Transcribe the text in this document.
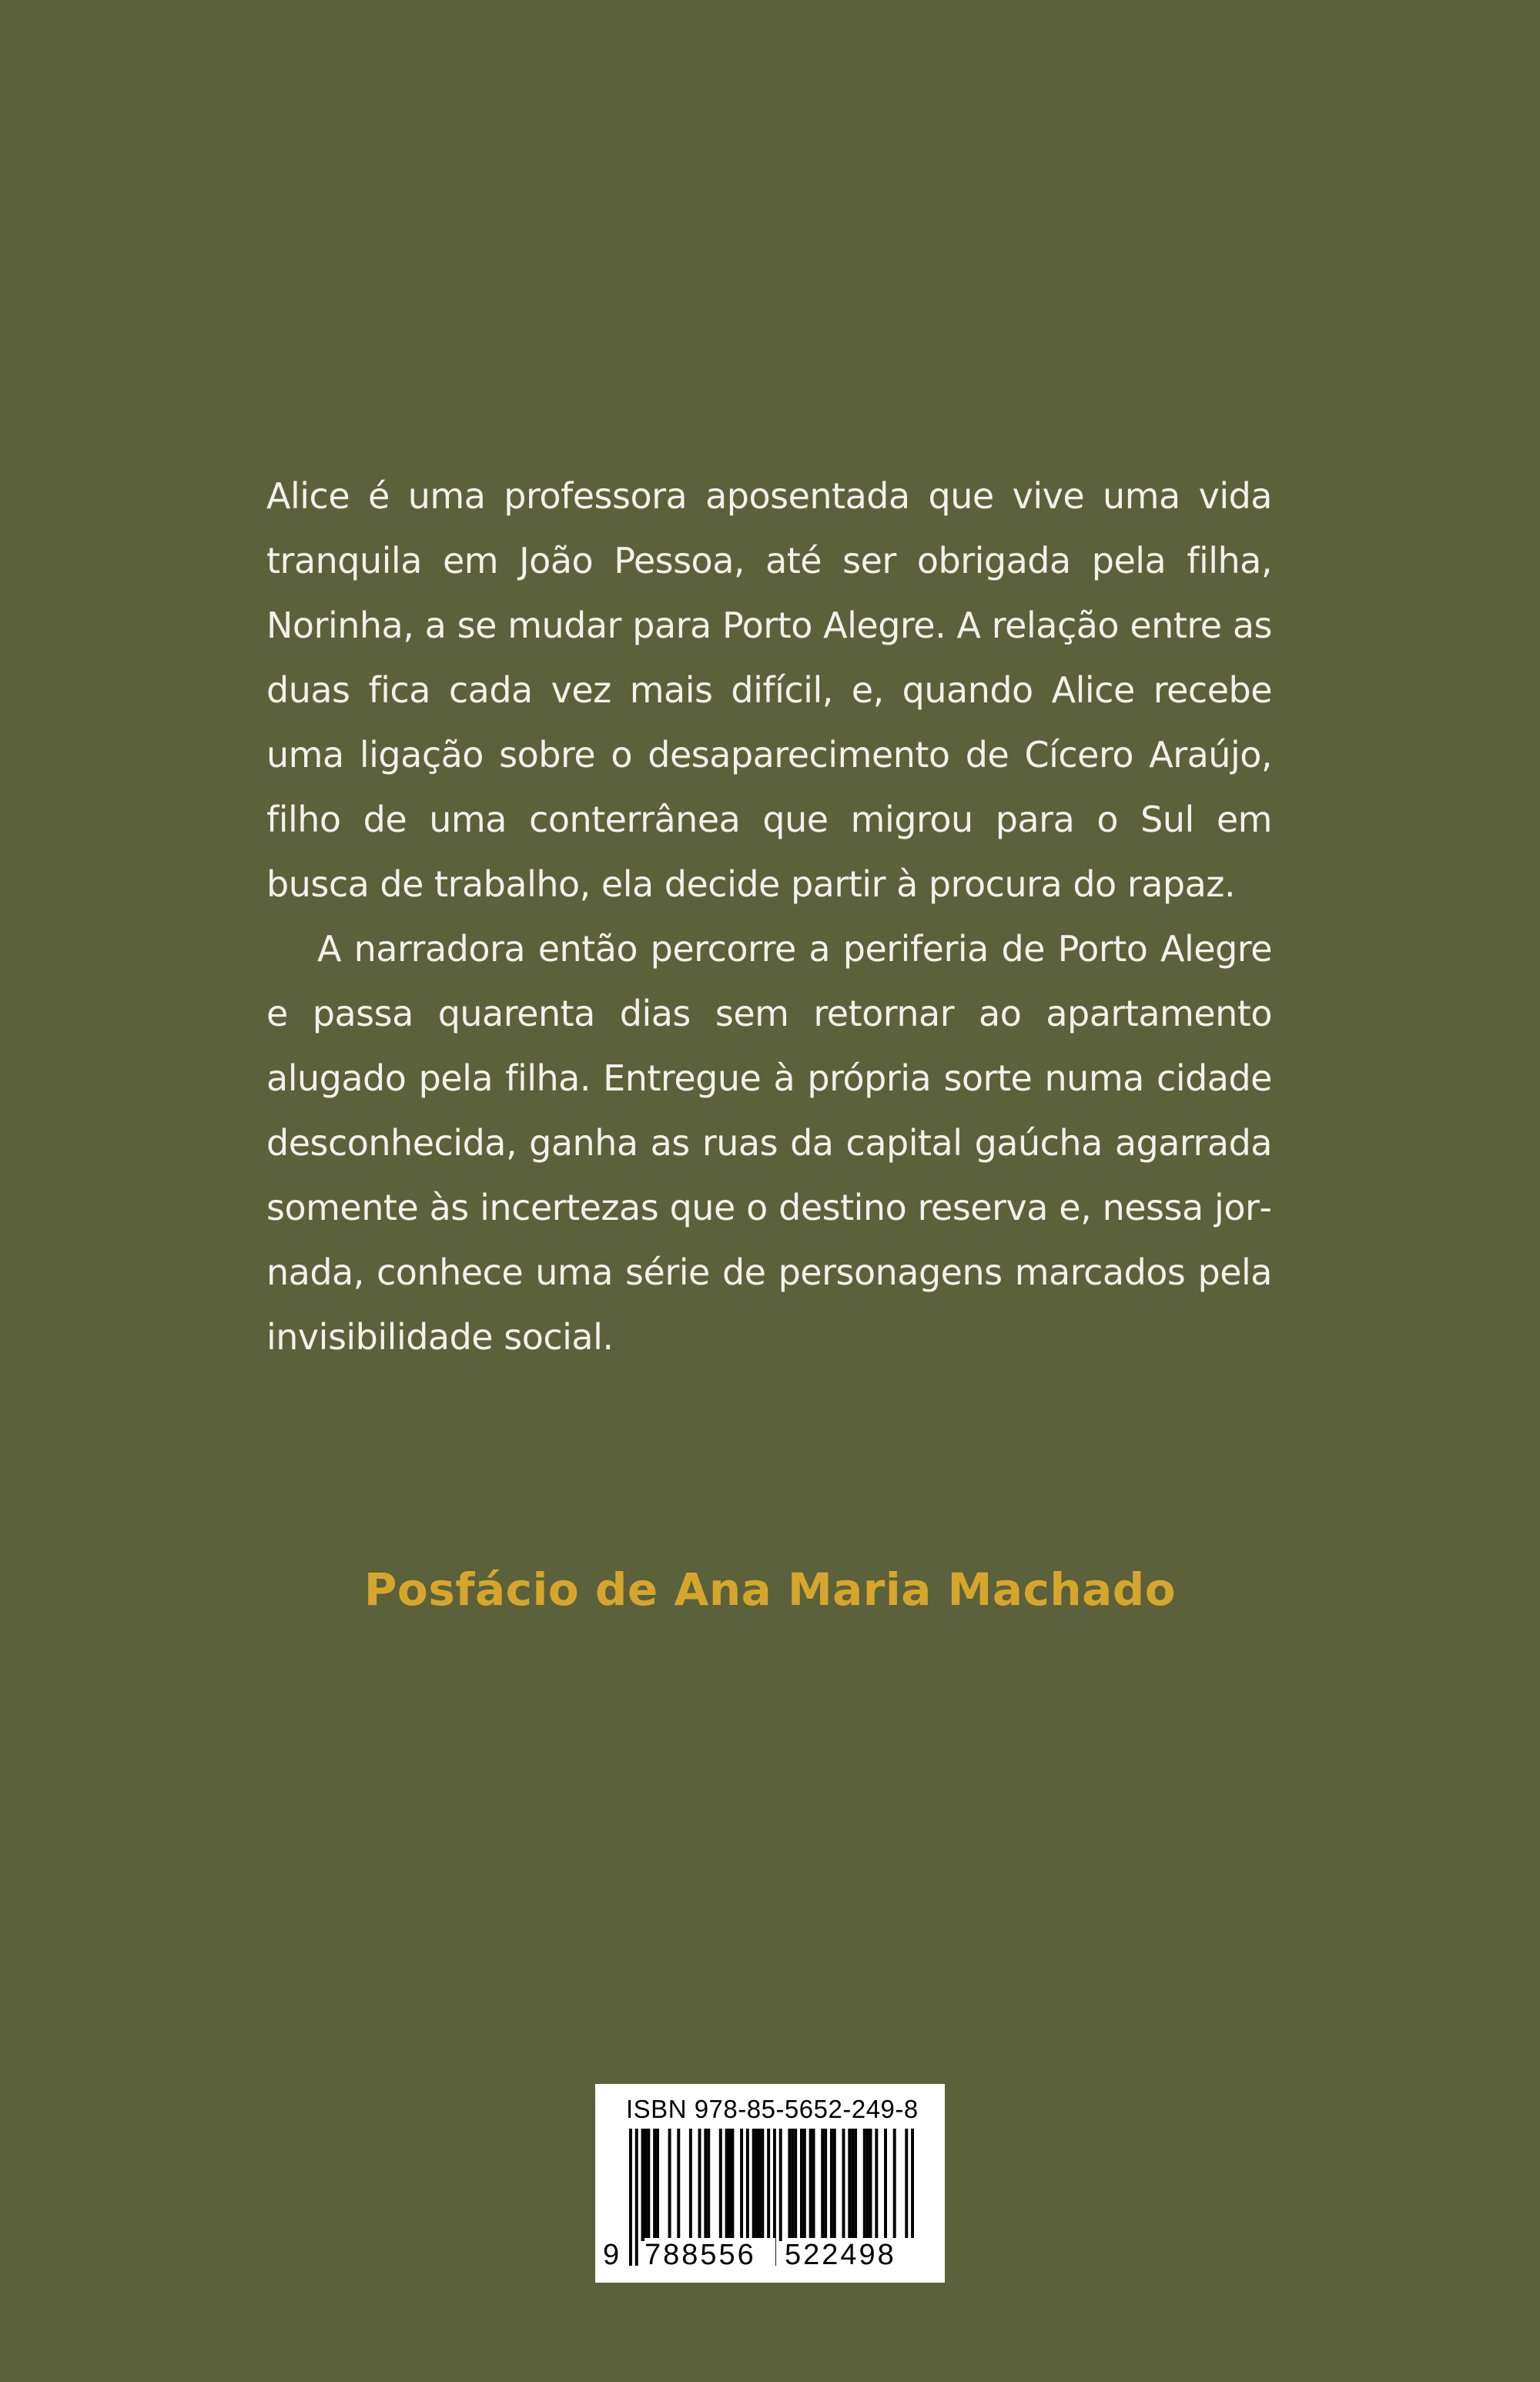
Alice é uma professora aposentada que vive uma vida tranquila em João Pessoa, até ser obrigada pela filha, Norinha, a se mudar para Porto Alegre. A relação entre as duas fica cada vez mais difícil, e, quando Alice recebe uma ligação sobre o desaparecimento de Cícero Araújo, filho de uma conterrânea que migrou para o Sul em busca de trabalho, ela decide partir à procura do rapaz.

A narradora então percorre a periferia de Porto Alegre e passa quarenta dias sem retornar ao apartamento alugado pela filha. Entregue à própria sorte numa cidade desconhecida, ganha as ruas da capital gaúcha agarrada somente às incertezas que o destino reserva e, nessa jornada, conhece uma série de personagens marcados pela invisibilidade social.

Posfácio de Ana Maria Machado
ISBN 978-85-5652-249-8
9 788556 522498
